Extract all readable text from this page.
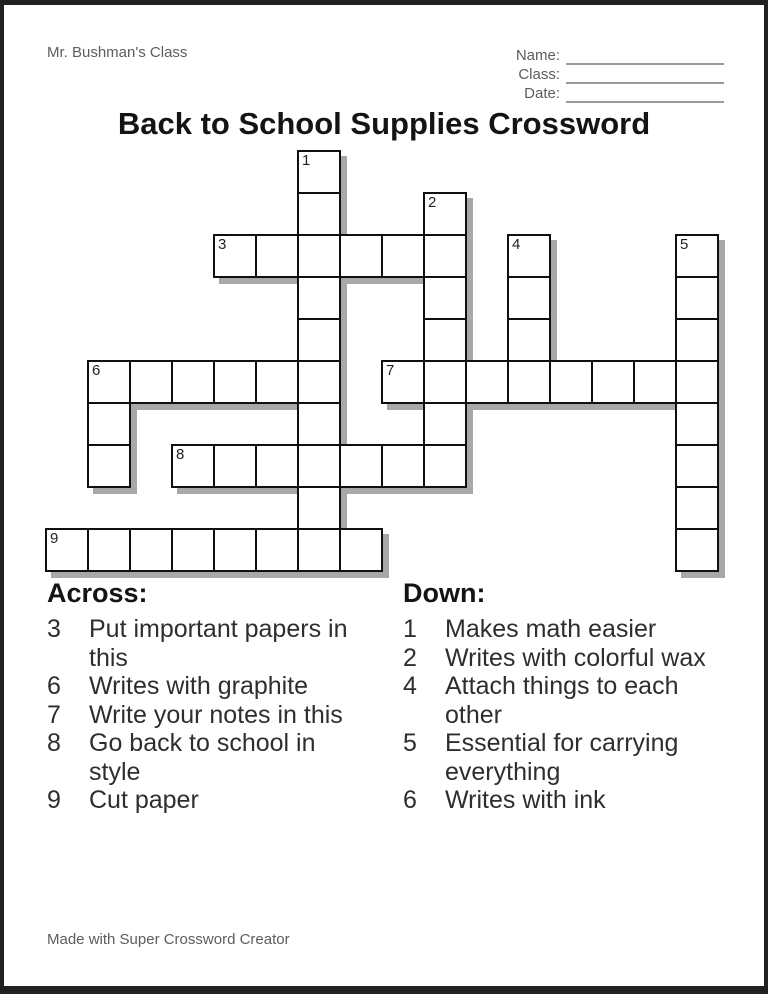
Mr. Bushman's Class	Name:
Class:
Date:
Back to School Supplies Crossword
1
2
3	4	5
6	7
8
9
Across:
3	Put important papers in this
6	Writes with graphite
7	Write your notes in this
8	Go back to school in style
9	Cut paper
Down:
1	Makes math easier
2	Writes with colorful wax
4	Attach things to each other
5	Essential for carrying everything
6	Writes with ink
Made with Super Crossword Creator
